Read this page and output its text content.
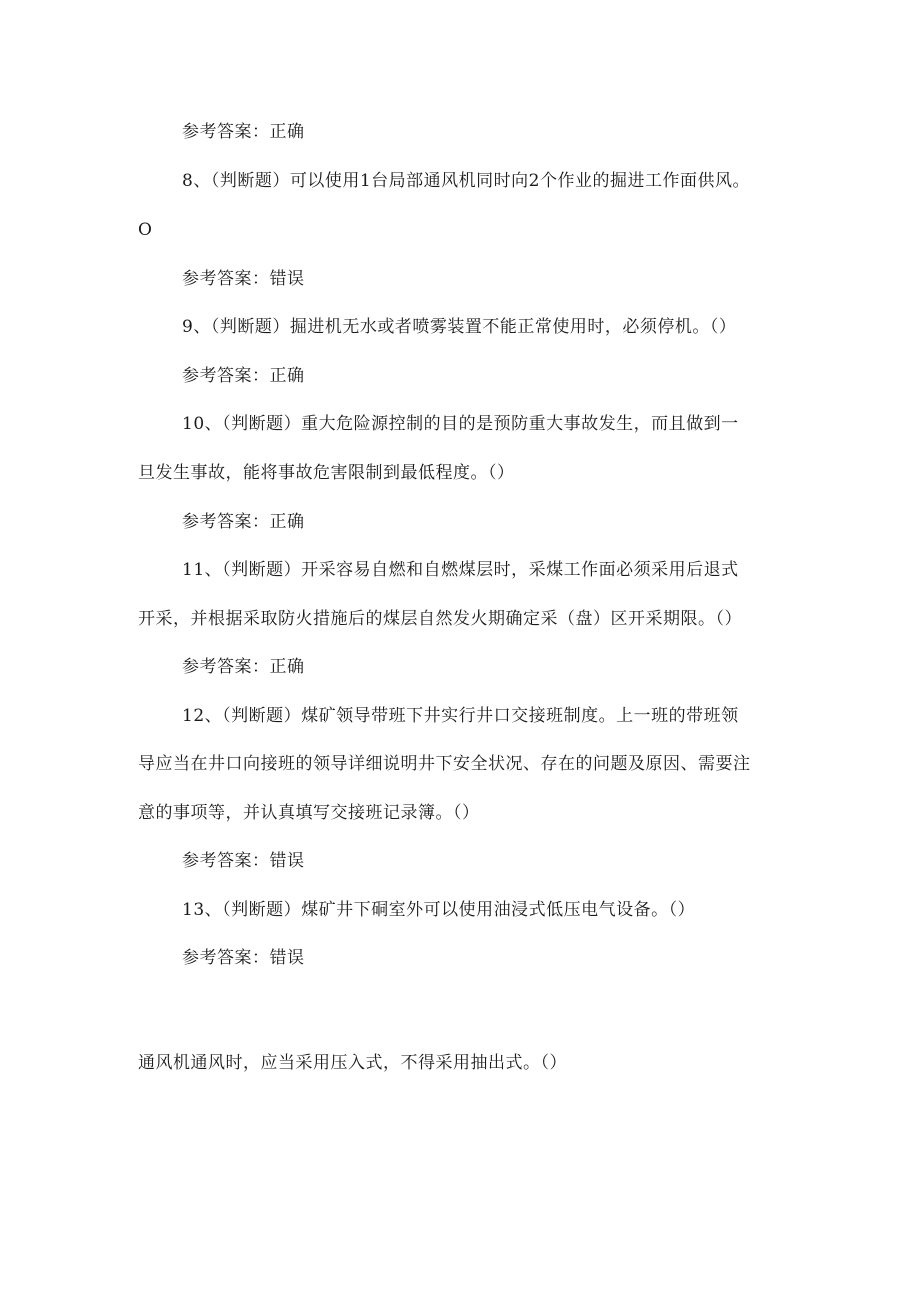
参考答案：正确
8、（判断题）可以使用1台局部通风机同时向2个作业的掘进工作面供风。
O
参考答案：错误
9、（判断题）掘进机无水或者喷雾装置不能正常使用时，必须停机。（）
参考答案：正确
10、（判断题）重大危险源控制的目的是预防重大事故发生，而且做到一
旦发生事故，能将事故危害限制到最低程度。（）
参考答案：正确
11、（判断题）开采容易自燃和自燃煤层时，采煤工作面必须采用后退式
开采，并根据采取防火措施后的煤层自然发火期确定采（盘）区开采期限。（）
参考答案：正确
12、（判断题）煤矿领导带班下井实行井口交接班制度。上一班的带班领
导应当在井口向接班的领导详细说明井下安全状况、存在的问题及原因、需要注
意的事项等，并认真填写交接班记录簿。（）
参考答案：错误
13、（判断题）煤矿井下硐室外可以使用油浸式低压电气设备。（）
参考答案：错误
通风机通风时，应当采用压入式，不得采用抽出式。（）
